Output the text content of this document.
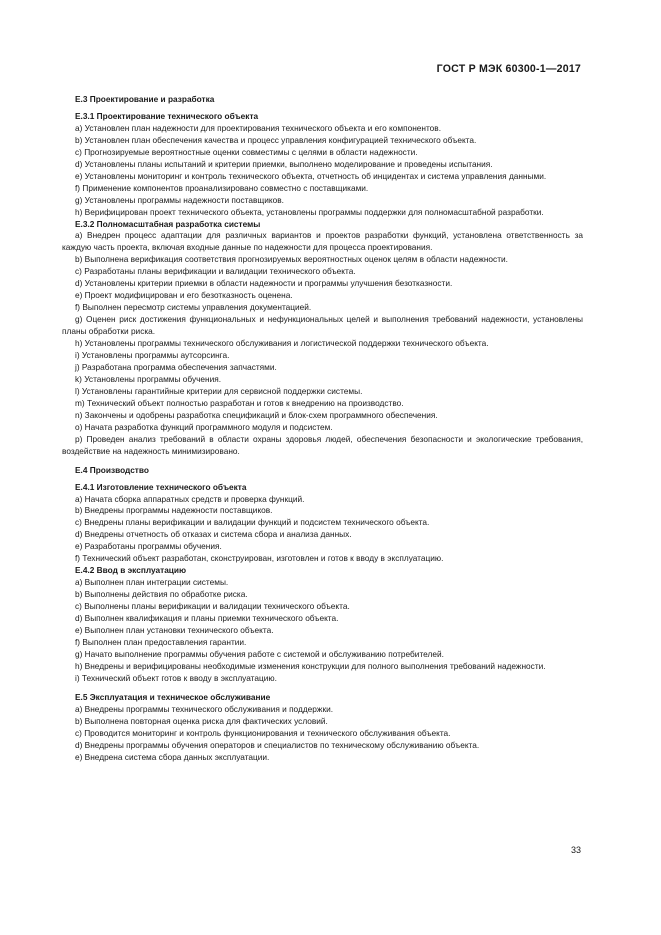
ГОСТ Р МЭК 60300-1—2017
Е.3 Проектирование и разработка
Е.3.1 Проектирование технического объекта
а) Установлен план надежности для проектирования технического объекта и его компонентов.
b) Установлен план обеспечения качества и процесс управления конфигурацией технического объекта.
с) Прогнозируемые вероятностные оценки совместимы с целями в области надежности.
d) Установлены планы испытаний и критерии приемки, выполнено моделирование и проведены испытания.
е) Установлены мониторинг и контроль технического объекта, отчетность об инцидентах и система управления данными.
f) Применение компонентов проанализировано совместно с поставщиками.
g) Установлены программы надежности поставщиков.
h) Верифицирован проект технического объекта, установлены программы поддержки для полномасштабной разработки.
Е.3.2 Полномасштабная разработка системы
а) Внедрен процесс адаптации для различных вариантов и проектов разработки функций, установлена ответственность за каждую часть проекта, включая входные данные по надежности для процесса проектирования.
b) Выполнена верификация соответствия прогнозируемых вероятностных оценок целям в области надежности.
с) Разработаны планы верификации и валидации технического объекта.
d) Установлены критерии приемки в области надежности и программы улучшения безотказности.
е) Проект модифицирован и его безотказность оценена.
f) Выполнен пересмотр системы управления документацией.
g) Оценен риск достижения функциональных и нефункциональных целей и выполнения требований надежности, установлены планы обработки риска.
h) Установлены программы технического обслуживания и логистической поддержки технического объекта.
i) Установлены программы аутсорсинга.
j) Разработана программа обеспечения запчастями.
k) Установлены программы обучения.
l) Установлены гарантийные критерии для сервисной поддержки системы.
m) Технический объект полностью разработан и готов к внедрению на производство.
n) Закончены и одобрены разработка спецификаций и блок-схем программного обеспечения.
о) Начата разработка функций программного модуля и подсистем.
р) Проведен анализ требований в области охраны здоровья людей, обеспечения безопасности и экологические требования, воздействие на надежность минимизировано.
Е.4 Производство
Е.4.1 Изготовление технического объекта
а) Начата сборка аппаратных средств и проверка функций.
b) Внедрены программы надежности поставщиков.
с) Внедрены планы верификации и валидации функций и подсистем технического объекта.
d) Внедрены отчетность об отказах и система сбора и анализа данных.
е) Разработаны программы обучения.
f) Технический объект разработан, сконструирован, изготовлен и готов к вводу в эксплуатацию.
Е.4.2 Ввод в эксплуатацию
а) Выполнен план интеграции системы.
b) Выполнены действия по обработке риска.
с) Выполнены планы верификации и валидации технического объекта.
d) Выполнен квалификация и планы приемки технического объекта.
е) Выполнен план установки технического объекта.
f) Выполнен план предоставления гарантии.
g) Начато выполнение программы обучения работе с системой и обслуживанию потребителей.
h) Внедрены и верифицированы необходимые изменения конструкции для полного выполнения требований надежности.
i) Технический объект готов к вводу в эксплуатацию.
Е.5 Эксплуатация и техническое обслуживание
а) Внедрены программы технического обслуживания и поддержки.
b) Выполнена повторная оценка риска для фактических условий.
с) Проводится мониторинг и контроль функционирования и технического обслуживания объекта.
d) Внедрены программы обучения операторов и специалистов по техническому обслуживанию объекта.
е) Внедрена система сбора данных эксплуатации.
33
